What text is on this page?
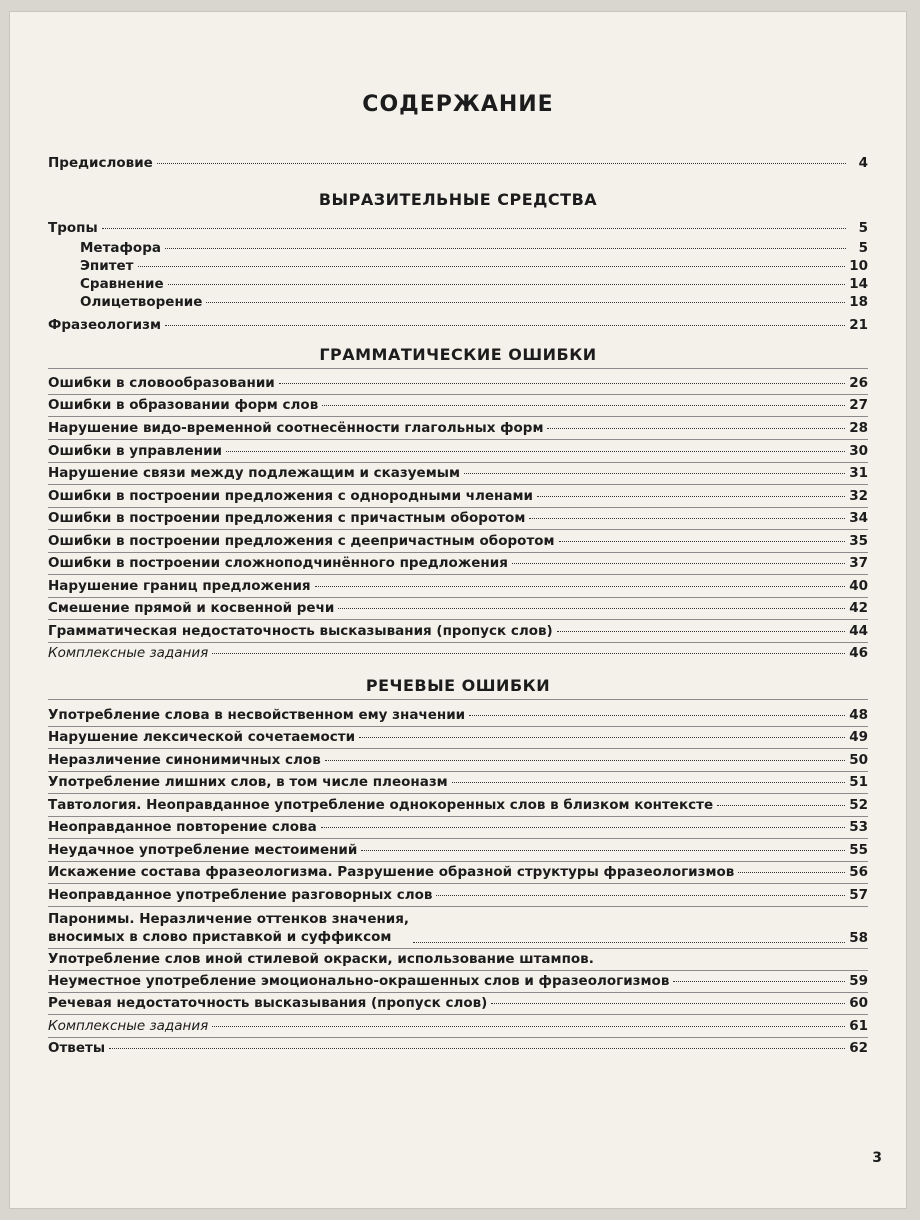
СОДЕРЖАНИЕ
Предисловие	4
ВЫРАЗИТЕЛЬНЫЕ СРЕДСТВА
Тропы	5
Метафора	5
Эпитет	10
Сравнение	14
Олицетворение	18
Фразеологизм	21
ГРАММАТИЧЕСКИЕ ОШИБКИ
Ошибки в словообразовании	26
Ошибки в образовании форм слов	27
Нарушение видо-временной соотнесённости глагольных форм	28
Ошибки в управлении	30
Нарушение связи между подлежащим и сказуемым	31
Ошибки в построении предложения с однородными членами	32
Ошибки в построении предложения с причастным оборотом	34
Ошибки в построении предложения с деепричастным оборотом	35
Ошибки в построении сложноподчинённого предложения	37
Нарушение границ предложения	40
Смешение прямой и косвенной речи	42
Грамматическая недостаточность высказывания (пропуск слов)	44
Комплексные задания	46
РЕЧЕВЫЕ ОШИБКИ
Употребление слова в несвойственном ему значении	48
Нарушение лексической сочетаемости	49
Неразличение синонимичных слов	50
Употребление лишних слов, в том числе плеоназм	51
Тавтология. Неоправданное употребление однокоренных слов в близком контексте	52
Неоправданное повторение слова	53
Неудачное употребление местоимений	55
Искажение состава фразеологизма. Разрушение образной структуры фразеологизмов	56
Неоправданное употребление разговорных слов	57
Паронимы. Неразличение оттенков значения,
вносимых в слово приставкой и суффиксом	58
Употребление слов иной стилевой окраски, использование штампов.
Неуместное употребление эмоционально-окрашенных слов и фразеологизмов	59
Речевая недостаточность высказывания (пропуск слов)	60
Комплексные задания	61
Ответы	62
3
